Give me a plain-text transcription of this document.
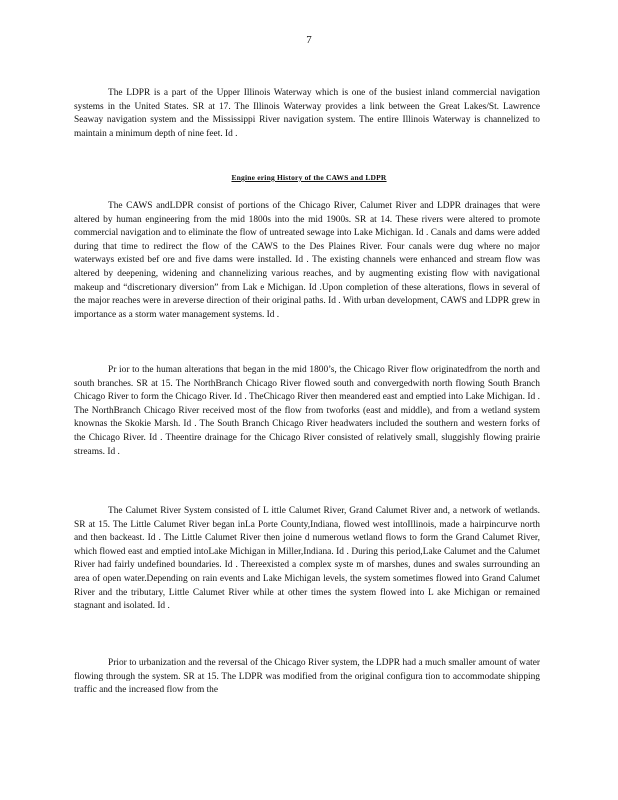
7

The LDPR is a part of the Upper Illinois Waterway which is one of the busiest inland commercial navigation systems in the United States. SR at 17. The Illinois Waterway provides a link between the Great Lakes/St. Lawrence Seaway navigation system and the Mississippi River navigation system. The entire Illinois Waterway is channelized to maintain a minimum depth of nine feet. Id .

Engine ering History of the CAWS and LDPR

The CAWS andLDPR consist of portions of the Chicago River, Calumet River and LDPR drainages that were altered by human engineering from the mid 1800s into the mid 1900s. SR at 14. These rivers were altered to promote commercial navigation and to eliminate the flow of untreated sewage into Lake Michigan. Id . Canals and dams were added during that time to redirect the flow of the CAWS to the Des Plaines River. Four canals were dug where no major waterways existed bef ore and five dams were installed. Id . The existing channels were enhanced and stream flow was altered by deepening, widening and channelizing various reaches, and by augmenting existing flow with navigational makeup and “discretionary diversion” from Lak e Michigan. Id .Upon completion of these alterations, flows in several of the major reaches were in areverse direction of their original paths. Id . With urban development, CAWS and LDPR grew in importance as a storm water management systems. Id .

Pr ior to the human alterations that began in the mid 1800’s, the Chicago River flow originatedfrom the north and south branches. SR at 15. The NorthBranch Chicago River flowed south and convergedwith north flowing South Branch Chicago River to form the Chicago River. Id . TheChicago River then meandered east and emptied into Lake Michigan. Id . The NorthBranch Chicago River received most of the flow from twoforks (east and middle), and from a wetland system knownas the Skokie Marsh. Id . The South Branch Chicago River headwaters included the southern and western forks of the Chicago River. Id . Theentire drainage for the Chicago River consisted of relatively small, sluggishly flowing prairie streams. Id .

The Calumet River System consisted of L ittle Calumet River, Grand Calumet River and, a network of wetlands. SR at 15. The Little Calumet River began inLa Porte County,Indiana, flowed west intoIllinois, made a hairpincurve north and then backeast. Id . The Little Calumet River then joine d numerous wetland flows to form the Grand Calumet River, which flowed east and emptied intoLake Michigan in Miller,Indiana. Id . During this period,Lake Calumet and the Calumet River had fairly undefined boundaries. Id . Thereexisted a complex syste m of marshes, dunes and swales surrounding an area of open water.Depending on rain events and Lake Michigan levels, the system sometimes flowed into Grand Calumet River and the tributary, Little Calumet River while at other times the system flowed into L ake Michigan or remained stagnant and isolated. Id .

Prior to urbanization and the reversal of the Chicago River system, the LDPR had a much smaller amount of water flowing through the system. SR at 15. The LDPR was modified from the original configura tion to accommodate shipping traffic and the increased flow from the
